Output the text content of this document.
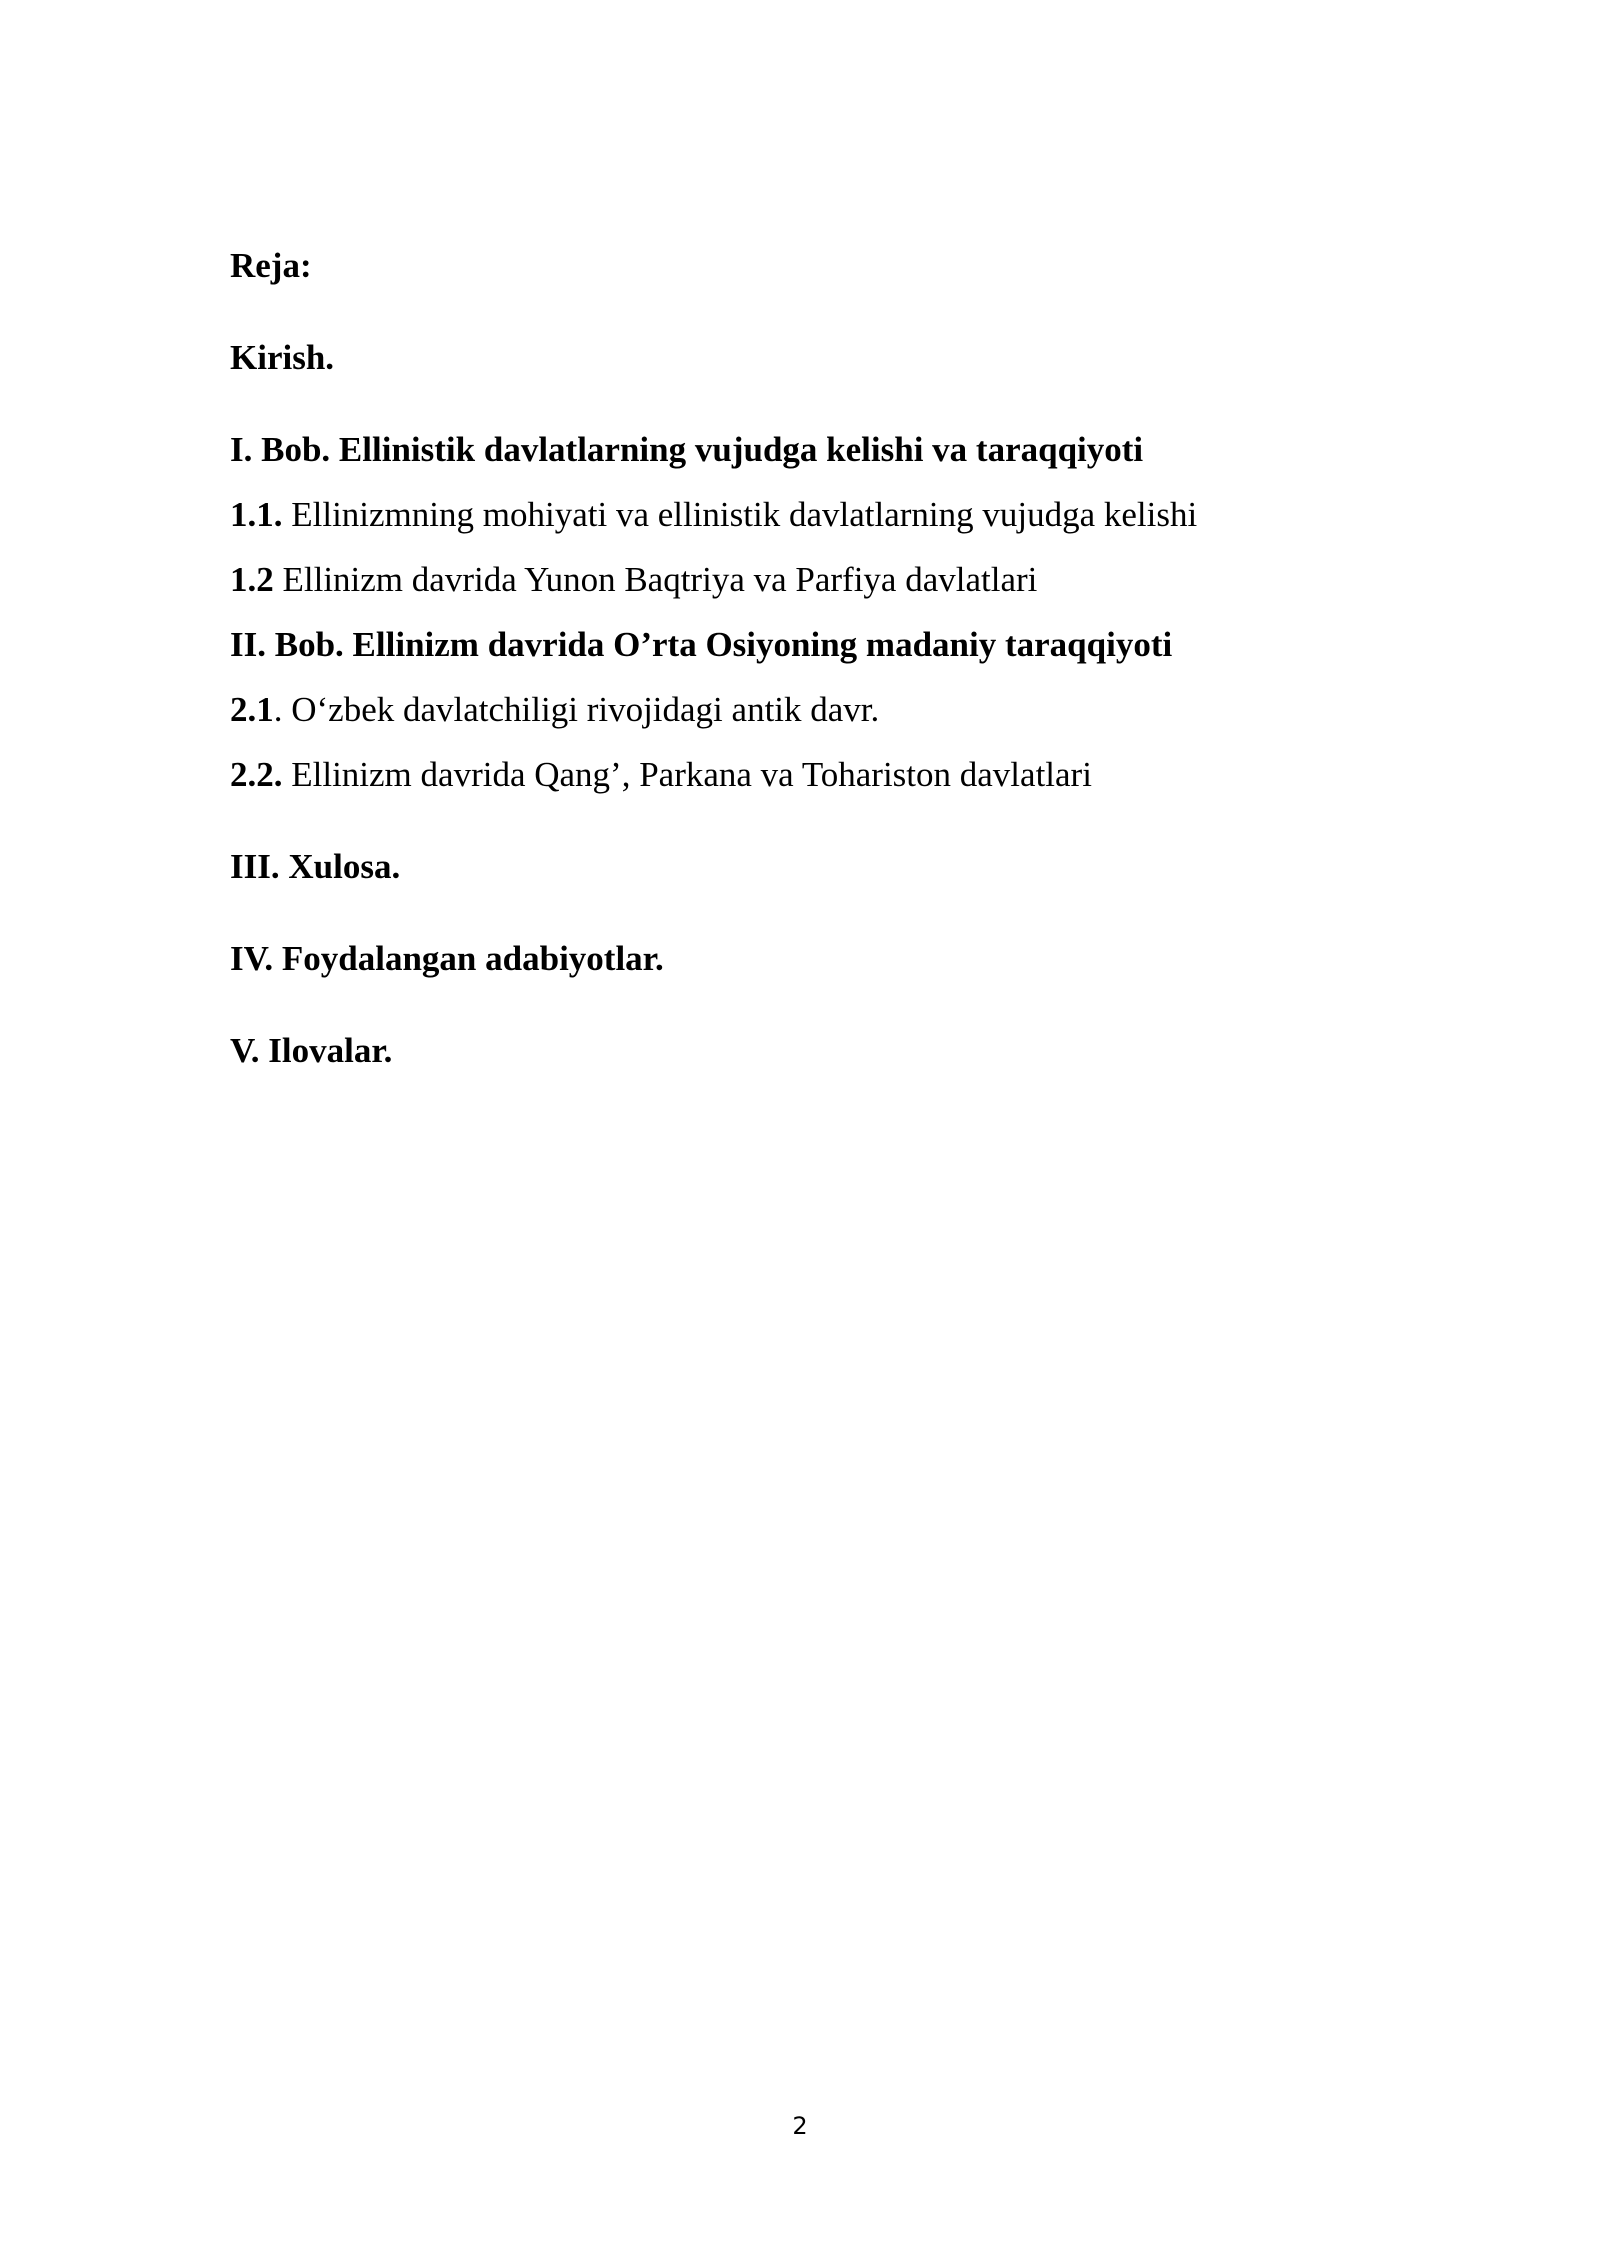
Reja:

Kirish.

I. Bob. Ellinistik davlatlarning vujudga kelishi va taraqqiyoti

1.1. Ellinizmning mohiyati va ellinistik davlatlarning vujudga kelishi

1.2 Ellinizm davrida Yunon Baqtriya va Parfiya davlatlari

II. Bob. Ellinizm davrida O’rta Osiyoning madaniy taraqqiyoti

2.1. O‘zbek davlatchiligi rivojidagi antik davr.

2.2. Ellinizm davrida Qang’, Parkana va Tohariston davlatlari

III. Xulosa.

IV. Foydalangan adabiyotlar.

V. Ilovalar.

2
